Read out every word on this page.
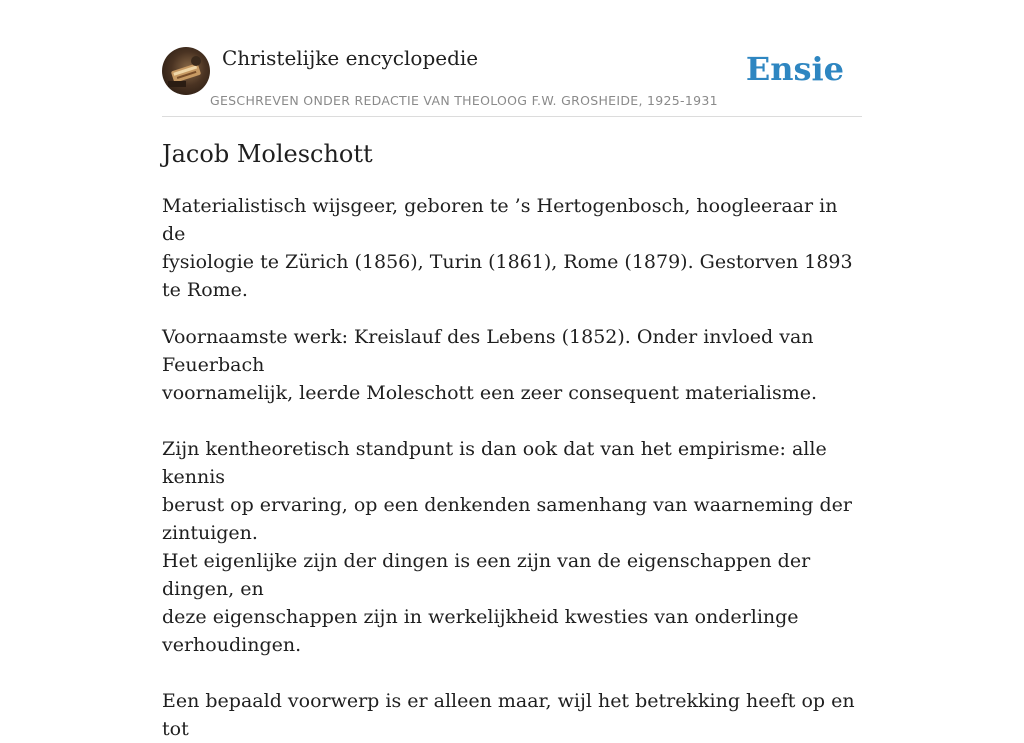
Christelijke encyclopedie
GESCHREVEN ONDER REDACTIE VAN THEOLOOG F.W. GROSHEIDE, 1925-1931
Ensie
Jacob Moleschott

Materialistisch wijsgeer, geboren te ’s Hertogenbosch, hoogleeraar in de
fysiologie te Zürich (1856), Turin (1861), Rome (1879). Gestorven 1893 te Rome.

Voornaamste werk: Kreislauf des Lebens (1852). Onder invloed van Feuerbach
voornamelijk, leerde Moleschott een zeer consequent materialisme.

Zijn kentheoretisch standpunt is dan ook dat van het empirisme: alle kennis
berust op ervaring, op een denkenden samenhang van waarneming der zintuigen.
Het eigenlijke zijn der dingen is een zijn van de eigenschappen der dingen, en
deze eigenschappen zijn in werkelijkheid kwesties van onderlinge verhoudingen.

Een bepaald voorwerp is er alleen maar, wijl het betrekking heeft op en tot
